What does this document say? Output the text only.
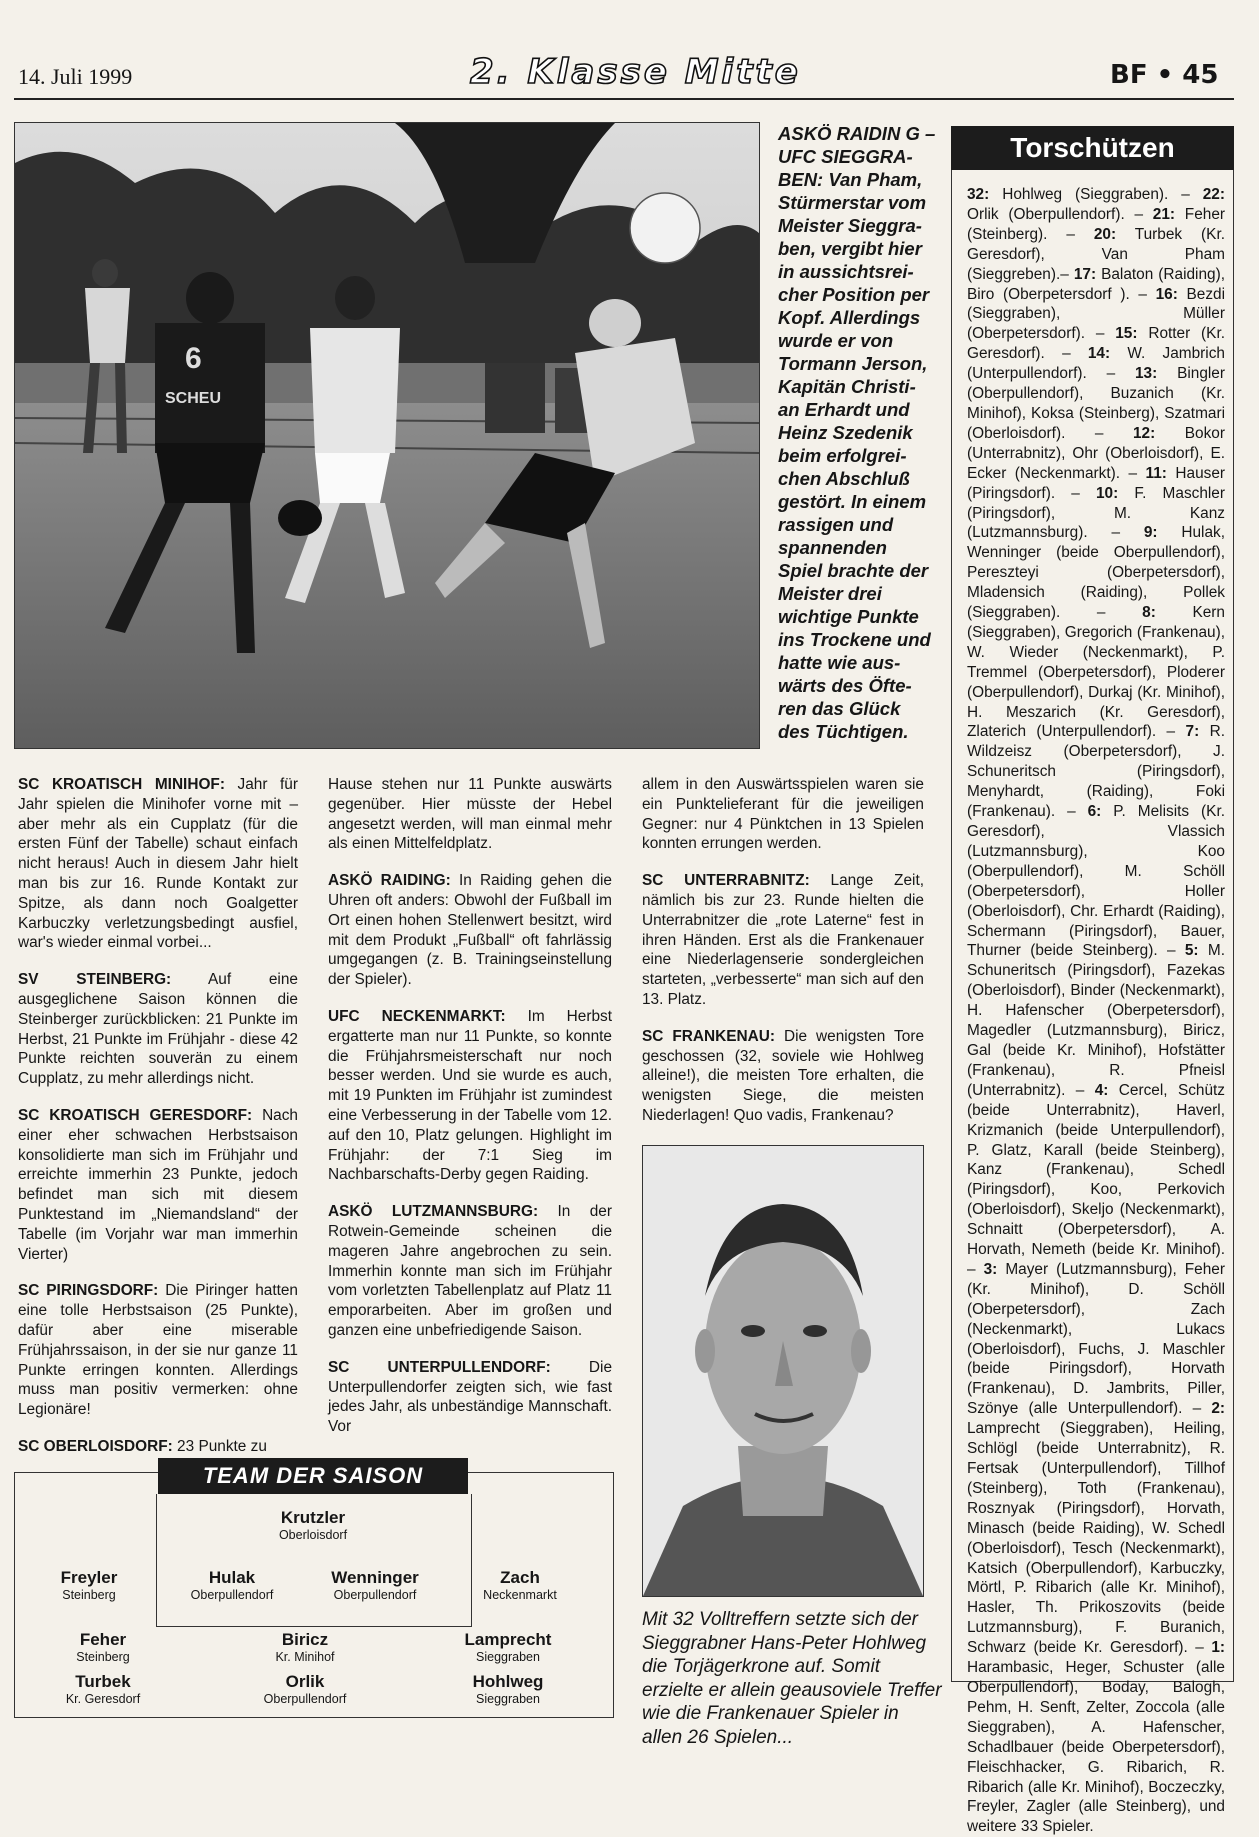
14. Juli 1999	2. Klasse Mitte	BF • 45
SCHEU
6
ASKÖ RAIDIN G –
UFC SIEGGRA-
BEN: Van Pham,
Stürmerstar vom
Meister Sieggra-
ben, vergibt hier
in aussichtsrei-
cher Position per
Kopf. Allerdings
wurde er von
Tormann Jerson,
Kapitän Christi-
an Erhardt und
Heinz Szedenik
beim erfolgrei-
chen Abschluß
gestört. In einem
rassigen und
spannenden
Spiel brachte der
Meister drei
wichtige Punkte
ins Trockene und
hatte wie aus-
wärts des Öfte-
ren das Glück
des Tüchtigen.

SC KROATISCH MINIHOF: Jahr für Jahr spielen die Minihofer vorne mit – aber mehr als ein Cupplatz (für die ersten Fünf der Tabelle) schaut einfach nicht heraus! Auch in diesem Jahr hielt man bis zur 16. Runde Kontakt zur Spitze, als dann noch Goalgetter Karbuczky verletzungsbedingt ausfiel, war's wieder einmal vorbei...

SV STEINBERG: Auf eine ausgeglichene Saison können die Steinberger zurückblicken: 21 Punkte im Herbst, 21 Punkte im Frühjahr - diese 42 Punkte reichten souverän zu einem Cupplatz, zu mehr allerdings nicht.

SC KROATISCH GERESDORF: Nach einer eher schwachen Herbstsaison konsolidierte man sich im Frühjahr und erreichte immerhin 23 Punkte, jedoch befindet man sich mit diesem Punktestand im „Niemandsland“ der Tabelle (im Vorjahr war man immerhin Vierter)

SC PIRINGSDORF: Die Piringer hatten eine tolle Herbstsaison (25 Punkte), dafür aber eine miserable Frühjahrssaison, in der sie nur ganze 11 Punkte erringen konnten. Allerdings muss man positiv vermerken: ohne Legionäre!

SC OBERLOISDORF: 23 Punkte zu

Hause stehen nur 11 Punkte auswärts gegenüber. Hier müsste der Hebel angesetzt werden, will man einmal mehr als einen Mittelfeldplatz.

ASKÖ RAIDING: In Raiding gehen die Uhren oft anders: Obwohl der Fußball im Ort einen hohen Stellenwert besitzt, wird mit dem Produkt „Fußball“ oft fahrlässig umgegangen (z. B. Trainingseinstellung der Spieler).

UFC NECKENMARKT: Im Herbst ergatterte man nur 11 Punkte, so konnte die Frühjahrsmeisterschaft nur noch besser werden. Und sie wurde es auch, mit 19 Punkten im Frühjahr ist zumindest eine Verbesserung in der Tabelle vom 12. auf den 10, Platz gelungen. Highlight im Frühjahr: der 7:1 Sieg im Nachbarschafts-Derby gegen Raiding.

ASKÖ LUTZMANNSBURG: In der Rotwein-Gemeinde scheinen die mageren Jahre angebrochen zu sein. Immerhin konnte man sich im Frühjahr vom vorletzten Tabellenplatz auf Platz 11 emporarbeiten. Aber im großen und ganzen eine unbefriedigende Saison.

SC UNTERPULLENDORF: Die Unterpullendorfer zeigten sich, wie fast jedes Jahr, als unbeständige Mannschaft. Vor

allem in den Auswärtsspielen waren sie ein Punktelieferant für die jeweiligen Gegner: nur 4 Pünktchen in 13 Spielen konnten errungen werden.

SC UNTERRABNITZ: Lange Zeit, nämlich bis zur 23. Runde hielten die Unterrabnitzer die „rote Laterne“ fest in ihren Händen. Erst als die Frankenauer eine Niederlagenserie sondergleichen starteten, „verbesserte“ man sich auf den 13. Platz.

SC FRANKENAU: Die wenigsten Tore geschossen (32, soviele wie Hohlweg alleine!), die meisten Tore erhalten, die wenigsten Siege, die meisten Niederlagen! Quo vadis, Frankenau?

Mit 32 Volltreffern setzte sich der Sieggrabner Hans-Peter Hohlweg die Torjägerkrone auf. Somit erzielte er allein geausoviele Treffer wie die Frankenauer Spieler in allen 26 Spielen...
TEAM DER SAISON
Krutzler
Oberloisdorf
Freyler
Steinberg
Hulak
Oberpullendorf
Wenninger
Oberpullendorf
Zach
Neckenmarkt
Feher
Steinberg
Biricz
Kr. Minihof
Lamprecht
Sieggraben
Turbek
Kr. Geresdorf
Orlik
Oberpullendorf
Hohlweg
Sieggraben
Torschützen
32: Hohlweg (Sieggraben). – 22: Orlik (Oberpullendorf). – 21: Feher (Steinberg). – 20: Turbek (Kr. Geresdorf), Van Pham (Sieggreben).– 17: Balaton (Raiding), Biro (Oberpetersdorf ). – 16: Bezdi (Sieggraben), Müller (Oberpetersdorf). – 15: Rotter (Kr. Geresdorf). – 14: W. Jambrich (Unterpullendorf). – 13: Bingler (Oberpullendorf), Buzanich (Kr. Minihof), Koksa (Steinberg), Szatmari (Oberloisdorf). – 12: Bokor (Unterrabnitz), Ohr (Oberloisdorf), E. Ecker (Neckenmarkt). – 11: Hauser (Piringsdorf). – 10: F. Maschler (Piringsdorf), M. Kanz (Lutzmannsburg). – 9: Hulak, Wenninger (beide Oberpullendorf), Pereszteyi (Oberpetersdorf), Mladensich (Raiding), Pollek (Sieggraben). – 8: Kern (Sieggraben), Gregorich (Frankenau), W. Wieder (Neckenmarkt), P. Tremmel (Oberpetersdorf), Ploderer (Oberpullendorf), Durkaj (Kr. Minihof), H. Meszarich (Kr. Geresdorf), Zlaterich (Unterpullendorf). – 7: R. Wildzeisz (Oberpetersdorf), J. Schuneritsch (Piringsdorf), Menyhardt, (Raiding), Foki (Frankenau). – 6: P. Melisits (Kr. Geresdorf), Vlassich (Lutzmannsburg), Koo (Oberpullendorf), M. Schöll (Oberpetersdorf), Holler (Oberloisdorf), Chr. Erhardt (Raiding), Schermann (Piringsdorf), Bauer, Thurner (beide Steinberg). – 5: M. Schuneritsch (Piringsdorf), Fazekas (Oberloisdorf), Binder (Neckenmarkt), H. Hafenscher (Oberpetersdorf), Magedler (Lutzmannsburg), Biricz, Gal (beide Kr. Minihof), Hofstätter (Frankenau), R. Pfneisl (Unterrabnitz). – 4: Cercel, Schütz (beide Unterrabnitz), Haverl, Krizmanich (beide Unterpullendorf), P. Glatz, Karall (beide Steinberg), Kanz (Frankenau), Schedl (Piringsdorf), Koo, Perkovich (Oberloisdorf), Skeljo (Neckenmarkt), Schnaitt (Oberpetersdorf), A. Horvath, Nemeth (beide Kr. Minihof). – 3: Mayer (Lutzmannsburg), Feher (Kr. Minihof), D. Schöll (Oberpetersdorf), Zach (Neckenmarkt), Lukacs (Oberloisdorf), Fuchs, J. Maschler (beide Piringsdorf), Horvath (Frankenau), D. Jambrits, Piller, Szönye (alle Unterpullendorf). – 2: Lamprecht (Sieggraben), Heiling, Schlögl (beide Unterrabnitz), R. Fertsak (Unterpullendorf), Tillhof (Steinberg), Toth (Frankenau), Rosznyak (Piringsdorf), Horvath, Minasch (beide Raiding), W. Schedl (Oberloisdorf), Tesch (Neckenmarkt), Katsich (Oberpullendorf), Karbuczky, Mörtl, P. Ribarich (alle Kr. Minihof), Hasler, Th. Prikoszovits (beide Lutzmannsburg), F. Buranich, Schwarz (beide Kr. Geresdorf). – 1: Harambasic, Heger, Schuster (alle Oberpullendorf), Boday, Balogh, Pehm, H. Senft, Zelter, Zoccola (alle Sieggraben), A. Hafenscher, Schadlbauer (beide Oberpetersdorf), Fleischhacker, G. Ribarich, R. Ribarich (alle Kr. Minihof), Boczeczky, Freyler, Zagler (alle Steinberg), und weitere 33 Spieler.
